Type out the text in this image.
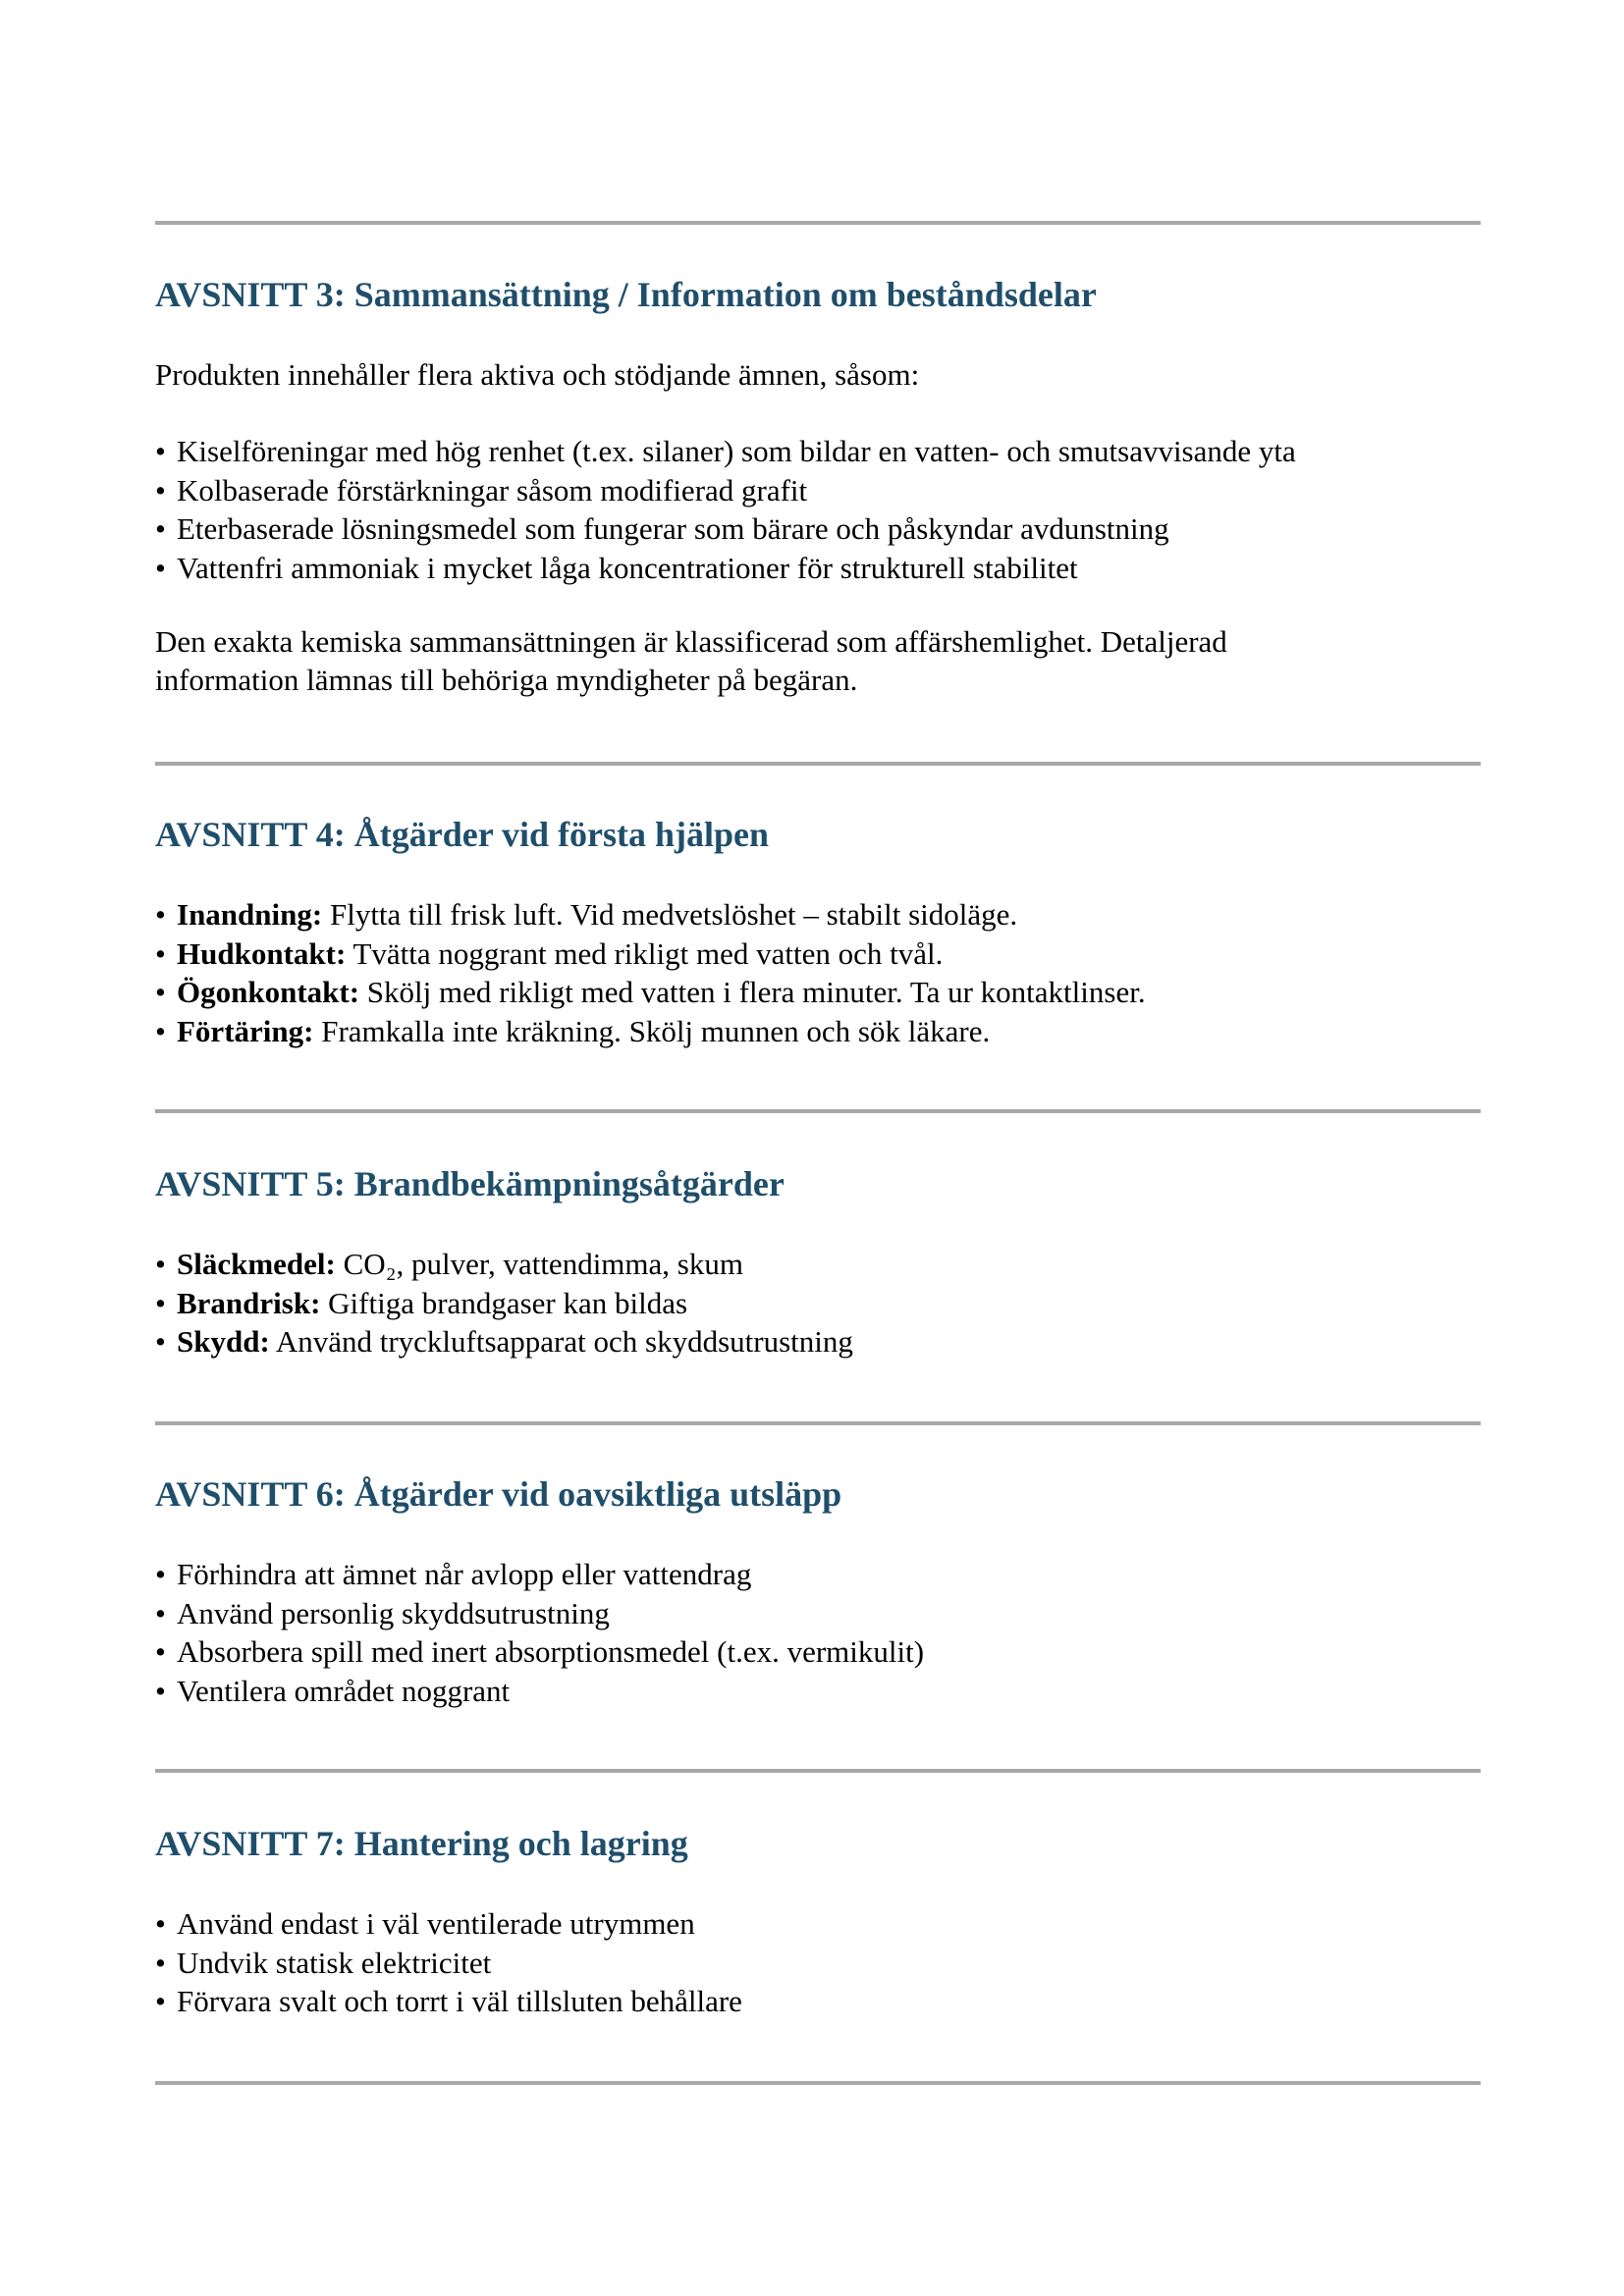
AVSNITT 3: Sammansättning / Information om beståndsdelar

Produkten innehåller flera aktiva och stödjande ämnen, såsom:

• Kiselföreningar med hög renhet (t.ex. silaner) som bildar en vatten- och smutsavvisande yta
• Kolbaserade förstärkningar såsom modifierad grafit
• Eterbaserade lösningsmedel som fungerar som bärare och påskyndar avdunstning
• Vattenfri ammoniak i mycket låga koncentrationer för strukturell stabilitet

Den exakta kemiska sammansättningen är klassificerad som affärshemlighet. Detaljerad
information lämnas till behöriga myndigheter på begäran.

AVSNITT 4: Åtgärder vid första hjälpen
• Inandning: Flytta till frisk luft. Vid medvetslöshet – stabilt sidoläge.
• Hudkontakt: Tvätta noggrant med rikligt med vatten och tvål.
• Ögonkontakt: Skölj med rikligt med vatten i flera minuter. Ta ur kontaktlinser.
• Förtäring: Framkalla inte kräkning. Skölj munnen och sök läkare.
AVSNITT 5: Brandbekämpningsåtgärder
• Släckmedel: CO₂, pulver, vattendimma, skum
• Brandrisk: Giftiga brandgaser kan bildas
• Skydd: Använd tryckluftsapparat och skyddsutrustning
AVSNITT 6: Åtgärder vid oavsiktliga utsläpp
• Förhindra att ämnet når avlopp eller vattendrag
• Använd personlig skyddsutrustning
• Absorbera spill med inert absorptionsmedel (t.ex. vermikulit)
• Ventilera området noggrant
AVSNITT 7: Hantering och lagring
• Använd endast i väl ventilerade utrymmen
• Undvik statisk elektricitet
• Förvara svalt och torrt i väl tillsluten behållare
